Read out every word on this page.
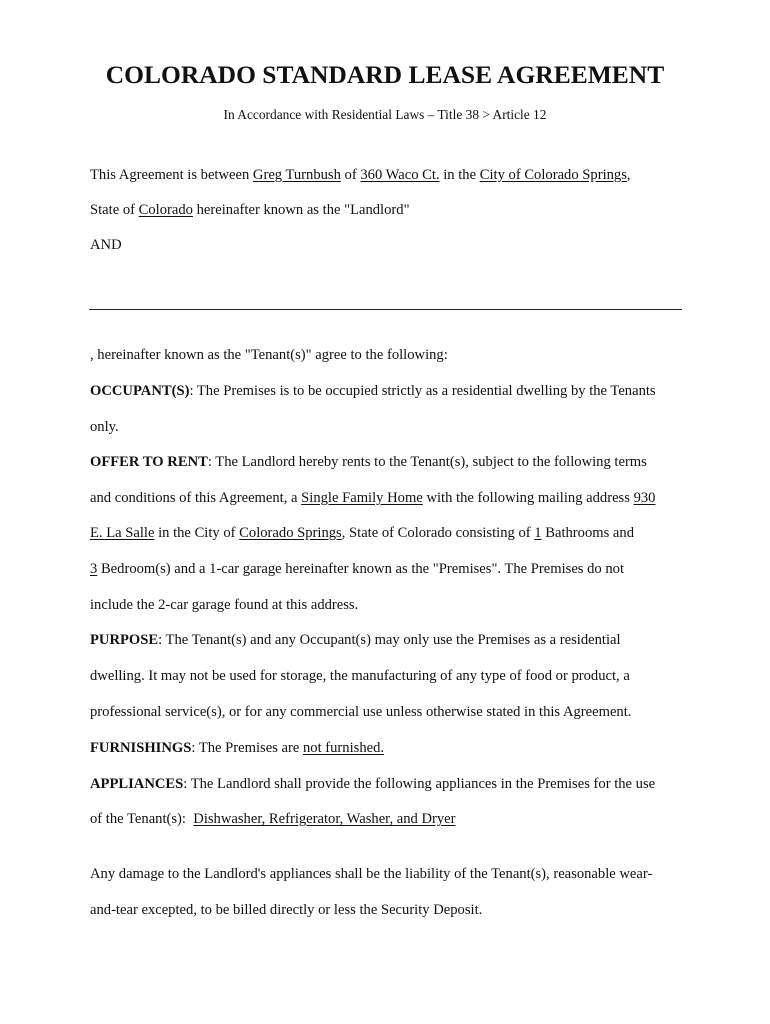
COLORADO STANDARD LEASE AGREEMENT
In Accordance with Residential Laws – Title 38 > Article 12
This Agreement is between Greg Turnbush of 360 Waco Ct. in the City of Colorado Springs,
State of Colorado hereinafter known as the "Landlord"
AND
, hereinafter known as the "Tenant(s)" agree to the following:
OCCUPANT(S): The Premises is to be occupied strictly as a residential dwelling by the Tenants
only.
OFFER TO RENT: The Landlord hereby rents to the Tenant(s), subject to the following terms
and conditions of this Agreement, a Single Family Home with the following mailing address 930
E. La Salle in the City of Colorado Springs, State of Colorado consisting of 1 Bathrooms and
3 Bedroom(s) and a 1-car garage hereinafter known as the "Premises". The Premises do not
include the 2-car garage found at this address.
PURPOSE: The Tenant(s) and any Occupant(s) may only use the Premises as a residential
dwelling. It may not be used for storage, the manufacturing of any type of food or product, a
professional service(s), or for any commercial use unless otherwise stated in this Agreement.
FURNISHINGS: The Premises are not furnished.
APPLIANCES: The Landlord shall provide the following appliances in the Premises for the use
of the Tenant(s):  Dishwasher, Refrigerator, Washer, and Dryer
Any damage to the Landlord's appliances shall be the liability of the Tenant(s), reasonable wear-
and-tear excepted, to be billed directly or less the Security Deposit.
